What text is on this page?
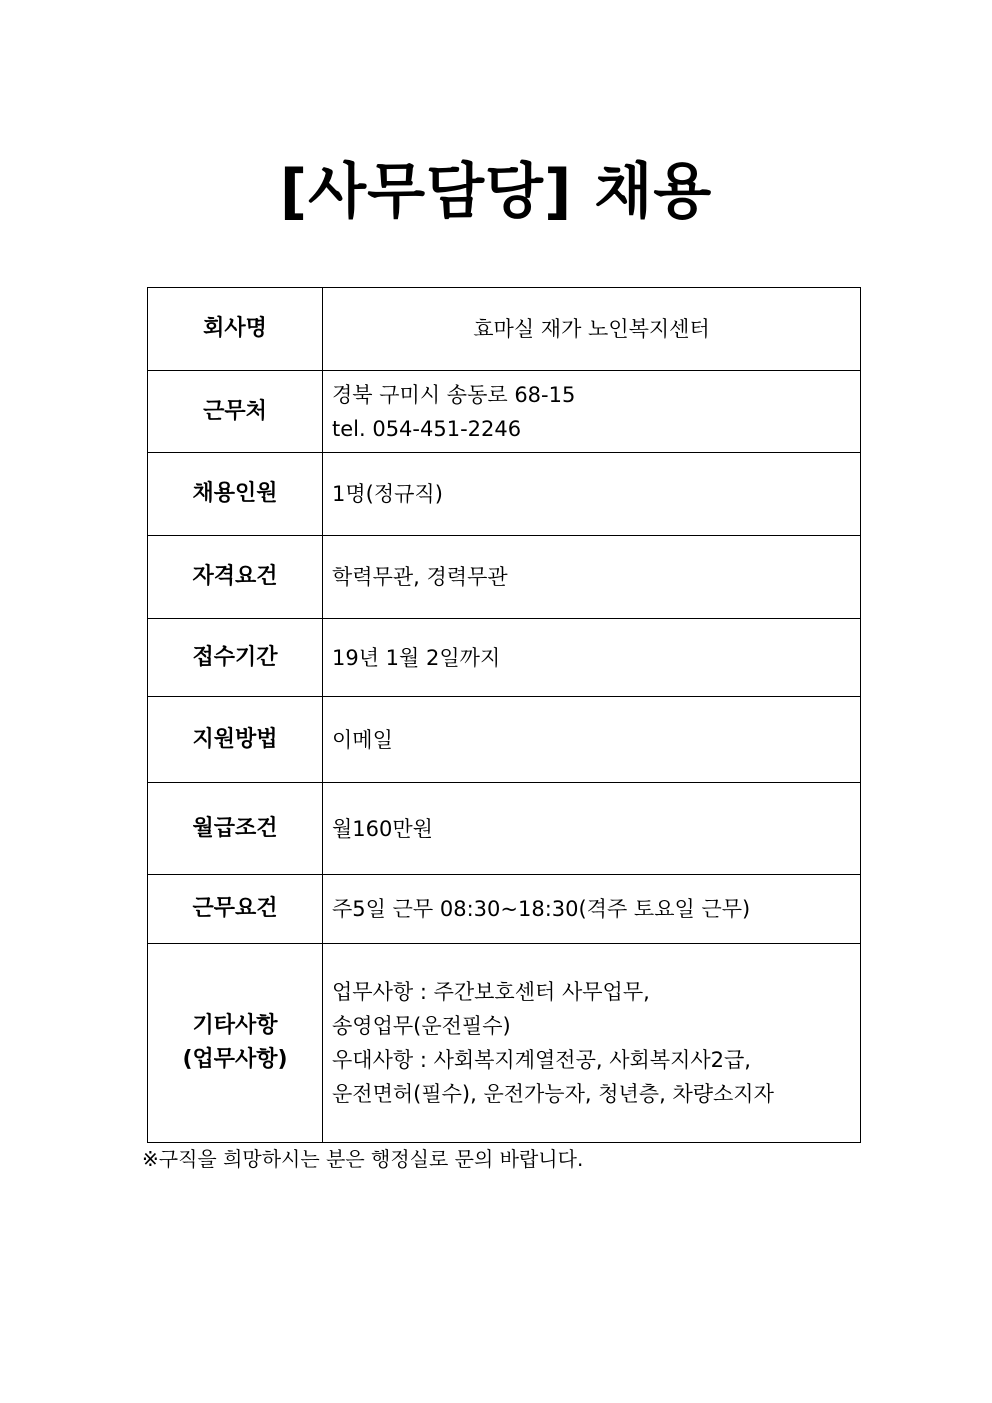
[사무담당] 채용
회사명	효마실 재가 노인복지센터

근무처	경북 구미시 송동로 68-15
tel. 054-451-2246

채용인원	1명(정규직)

자격요건	학력무관, 경력무관

접수기간	19년 1월 2일까지

지원방법	이메일

월급조건	월160만원

근무요건	주5일 근무 08:30~18:30(격주 토요일 근무)

기타사항
(업무사항)	업무사항 : 주간보호센터 사무업무,
송영업무(운전필수)
우대사항 : 사회복지계열전공, 사회복지사2급,
운전면허(필수), 운전가능자, 청년층, 차량소지자
※구직을 희망하시는 분은 행정실로 문의 바랍니다.
